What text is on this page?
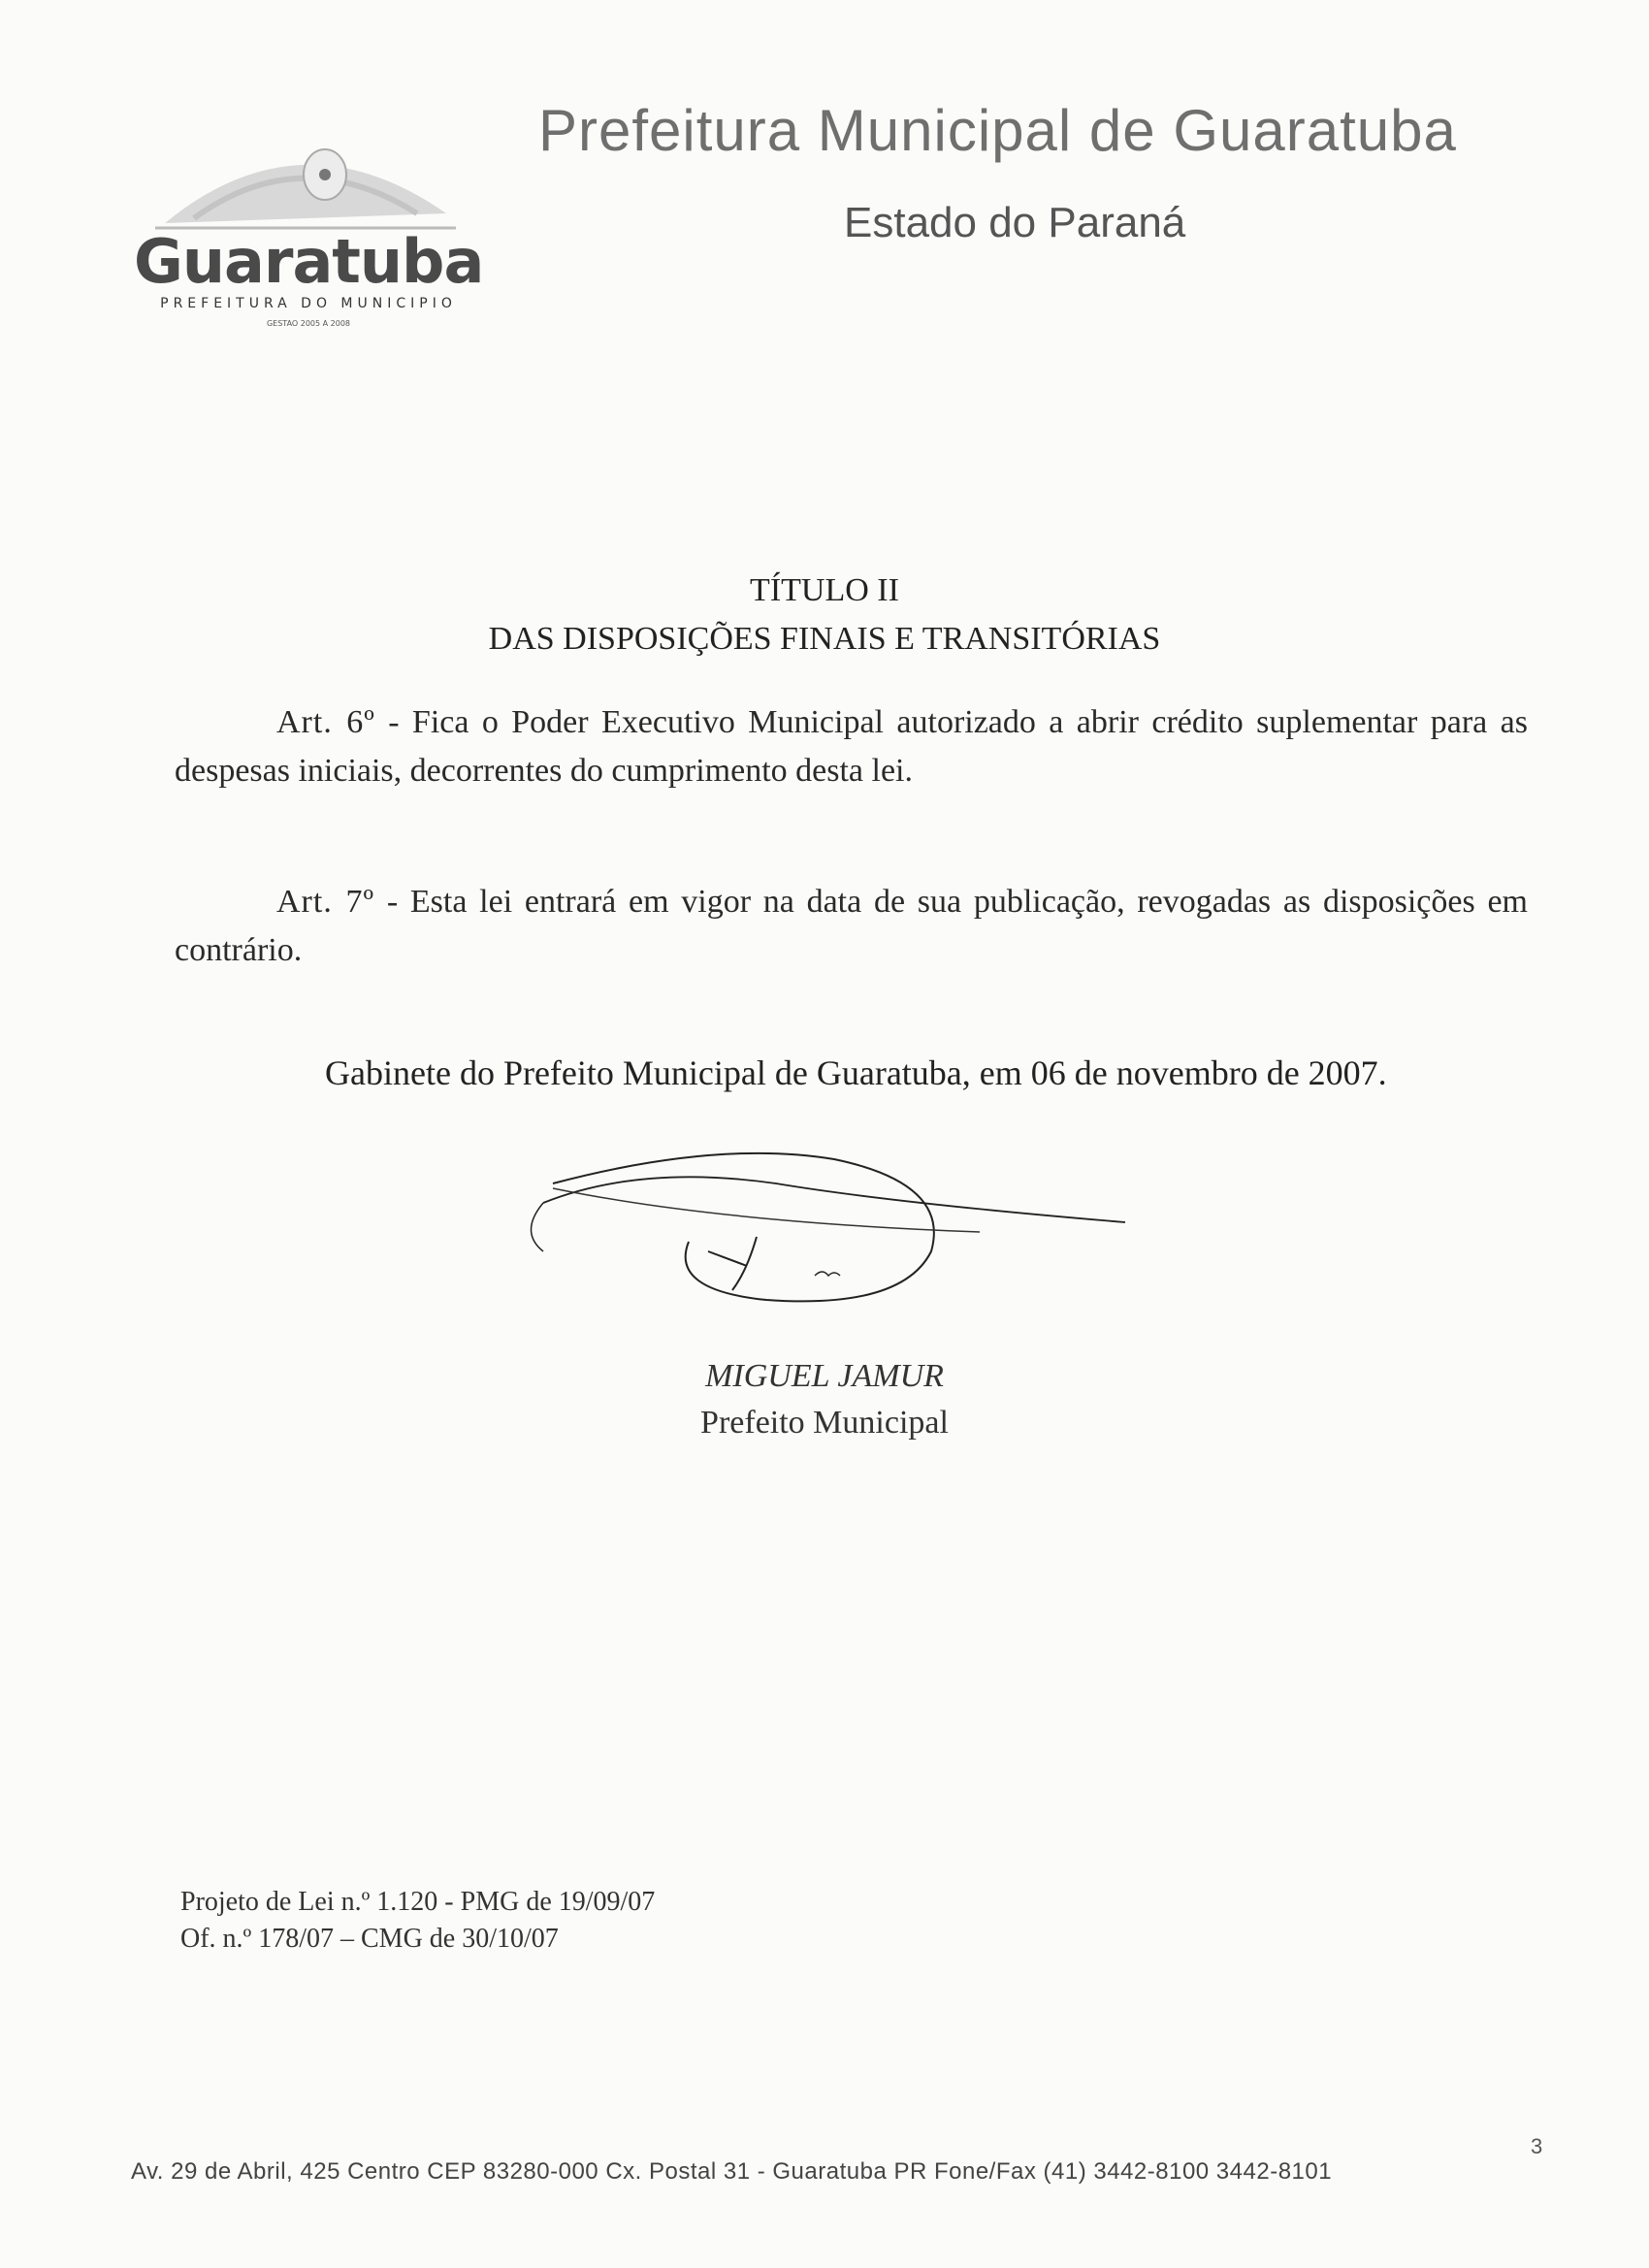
Guaratuba
PREFEITURA DO MUNICIPIO
GESTAO 2005 A 2008
Prefeitura Municipal de Guaratuba
Estado do Paraná
TÍTULO II
DAS DISPOSIÇÕES FINAIS E TRANSITÓRIAS
Art. 6º - Fica o Poder Executivo Municipal autorizado a abrir crédito suplementar para as despesas iniciais, decorrentes do cumprimento desta lei.
Art. 7º - Esta lei entrará em vigor na data de sua publicação, revogadas as disposições em contrário.
Gabinete do Prefeito Municipal de Guaratuba, em 06 de novembro de 2007.
MIGUEL JAMUR
Prefeito Municipal
Projeto de Lei n.º 1.120 - PMG de 19/09/07
Of. n.º 178/07 – CMG de 30/10/07
Av. 29 de Abril, 425 Centro CEP 83280-000 Cx. Postal 31 - Guaratuba PR Fone/Fax (41) 3442-8100 3442-8101
3
